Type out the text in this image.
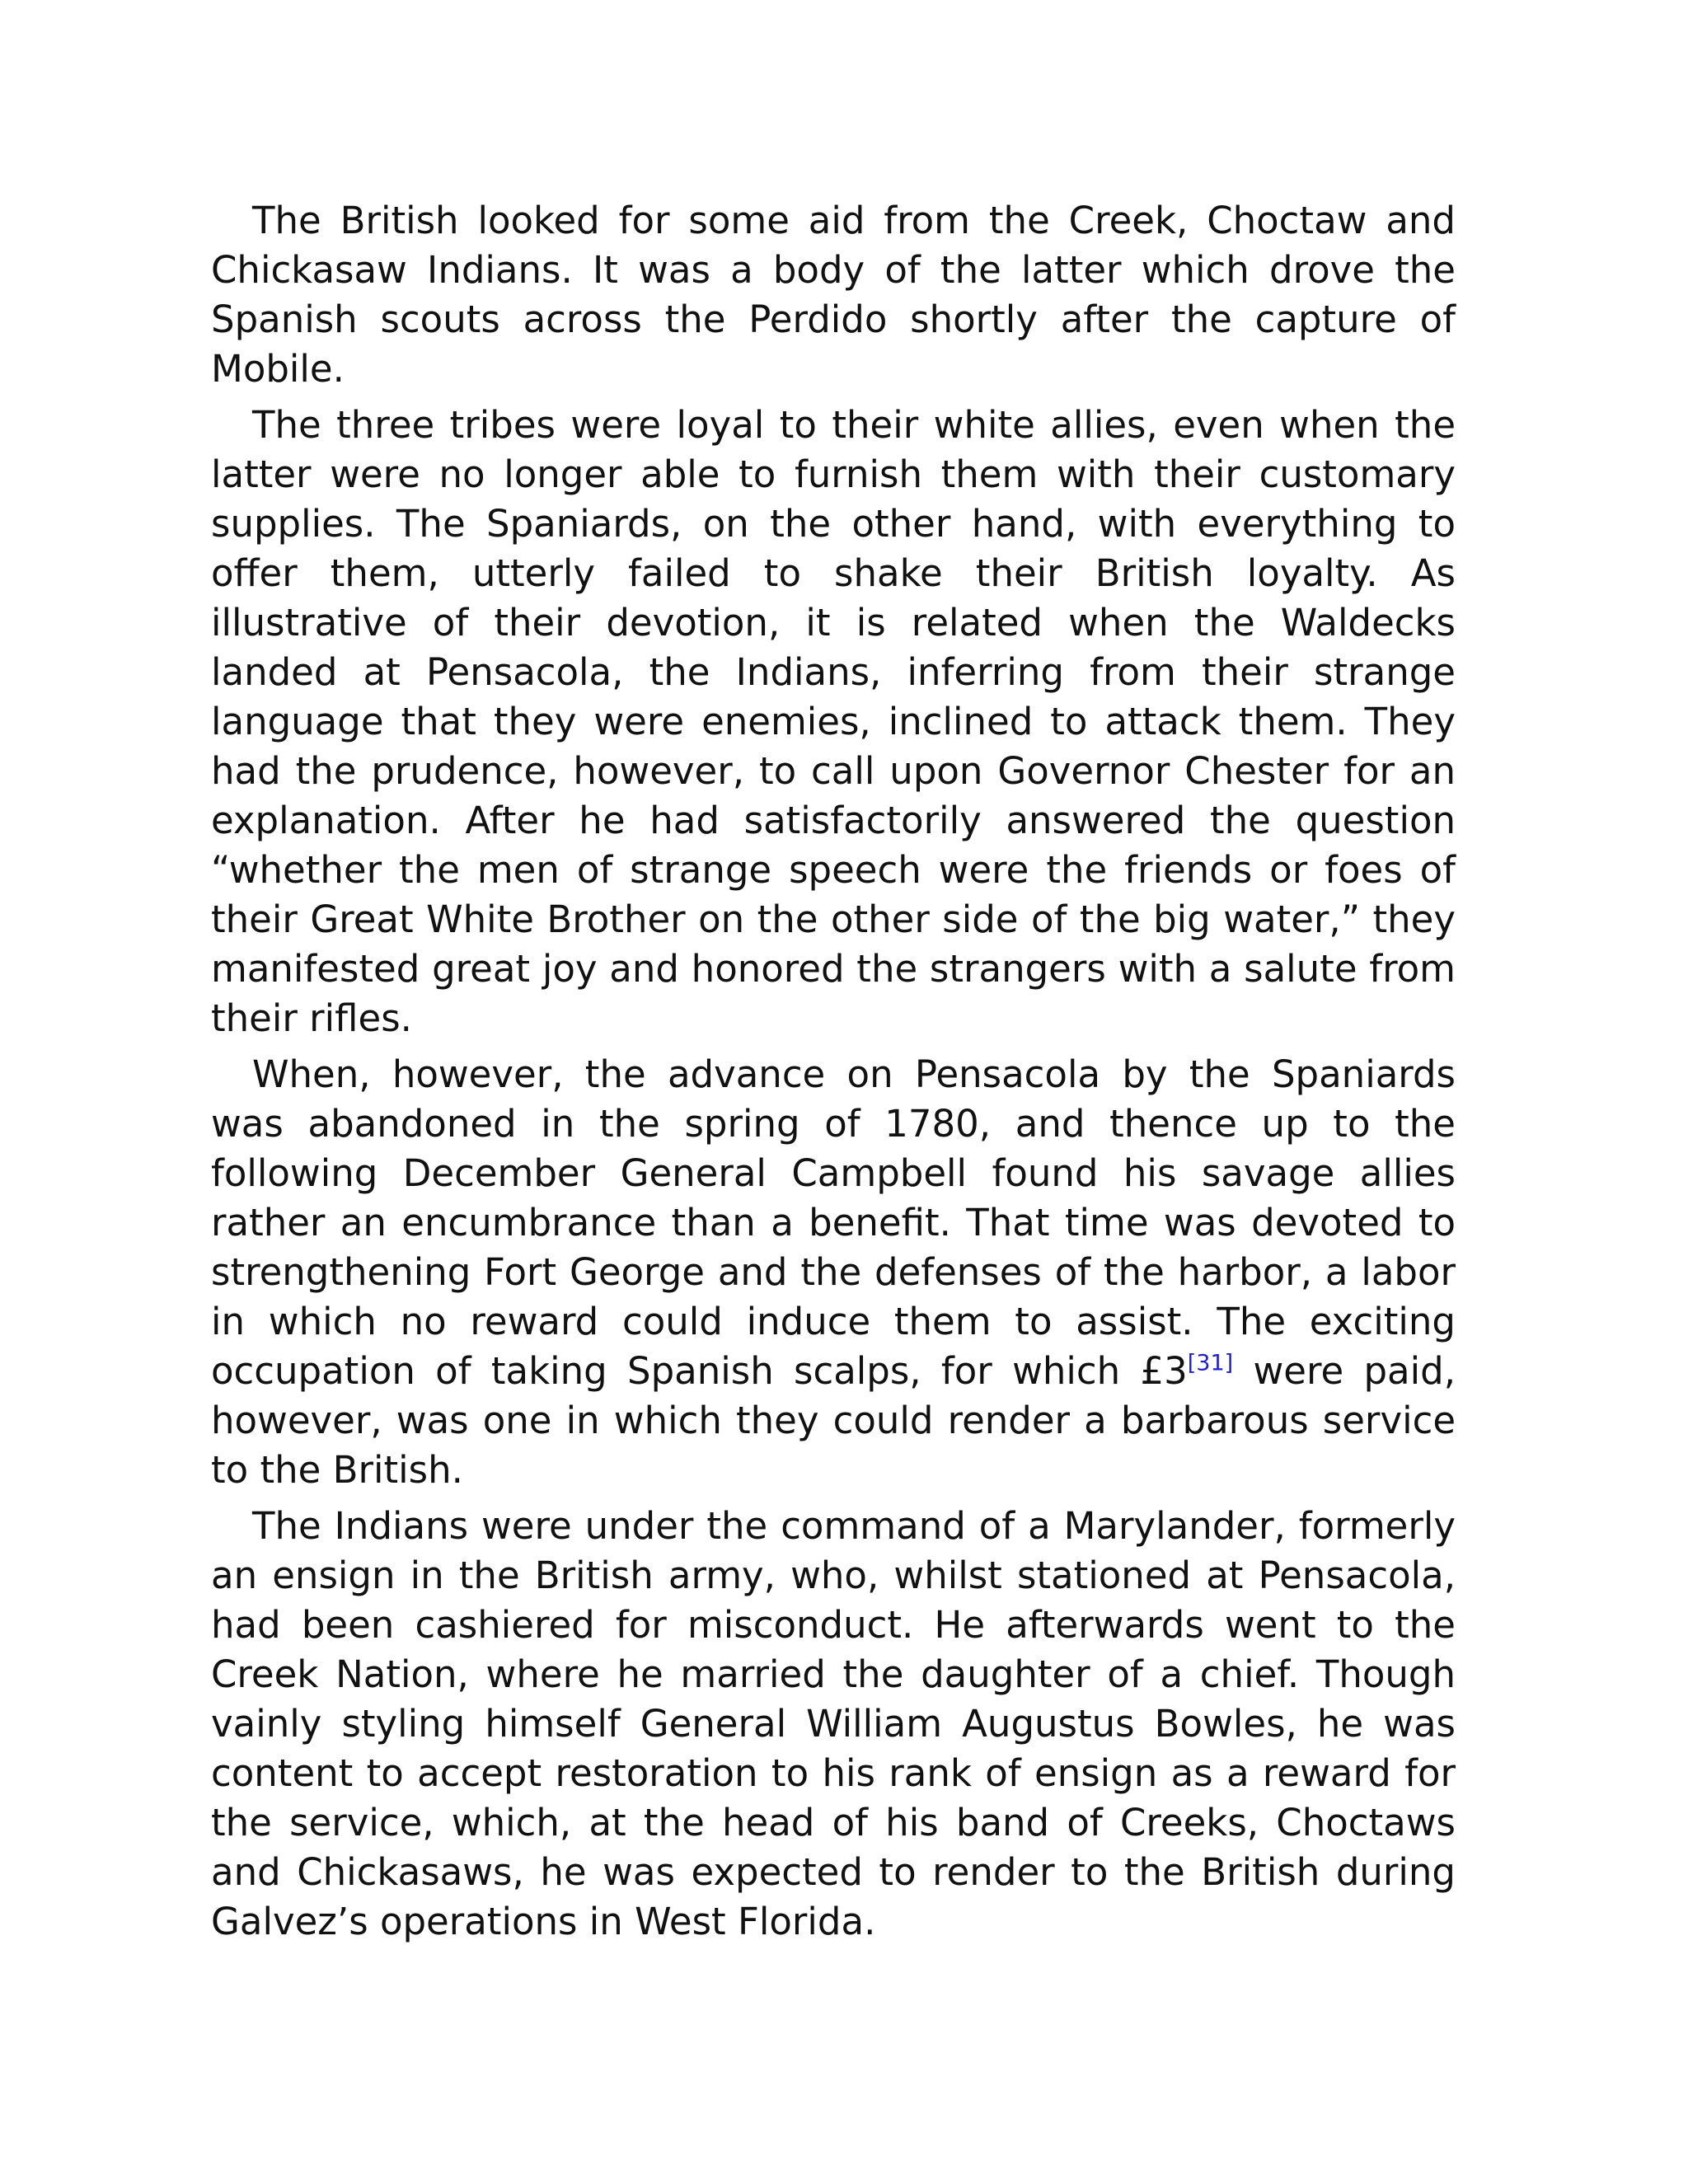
The British looked for some aid from the Creek, Choctaw and Chickasaw Indians. It was a body of the latter which drove the Spanish scouts across the Perdido shortly after the capture of Mobile.

The three tribes were loyal to their white allies, even when the latter were no longer able to furnish them with their customary supplies. The Spaniards, on the other hand, with everything to offer them, utterly failed to shake their British loyalty. As illustrative of their devotion, it is related when the Waldecks landed at Pensacola, the Indians, inferring from their strange language that they were enemies, inclined to attack them. They had the prudence, however, to call upon Governor Chester for an explanation. After he had satisfactorily answered the question “whether the men of strange speech were the friends or foes of their Great White Brother on the other side of the big water,” they manifested great joy and honored the strangers with a salute from their rifles.

When, however, the advance on Pensacola by the Spaniards was abandoned in the spring of 1780, and thence up to the following December General Campbell found his savage allies rather an encumbrance than a benefit. That time was devoted to strengthening Fort George and the defenses of the harbor, a labor in which no reward could induce them to assist. The exciting occupation of taking Spanish scalps, for which £3[31] were paid, however, was one in which they could render a barbarous service to the British.

The Indians were under the command of a Marylander, formerly an ensign in the British army, who, whilst stationed at Pensacola, had been cashiered for misconduct. He afterwards went to the Creek Nation, where he married the daughter of a chief. Though vainly styling himself General William Augustus Bowles, he was content to accept restoration to his rank of ensign as a reward for the service, which, at the head of his band of Creeks, Choctaws and Chickasaws, he was expected to render to the British during Galvez’s operations in West Florida.
